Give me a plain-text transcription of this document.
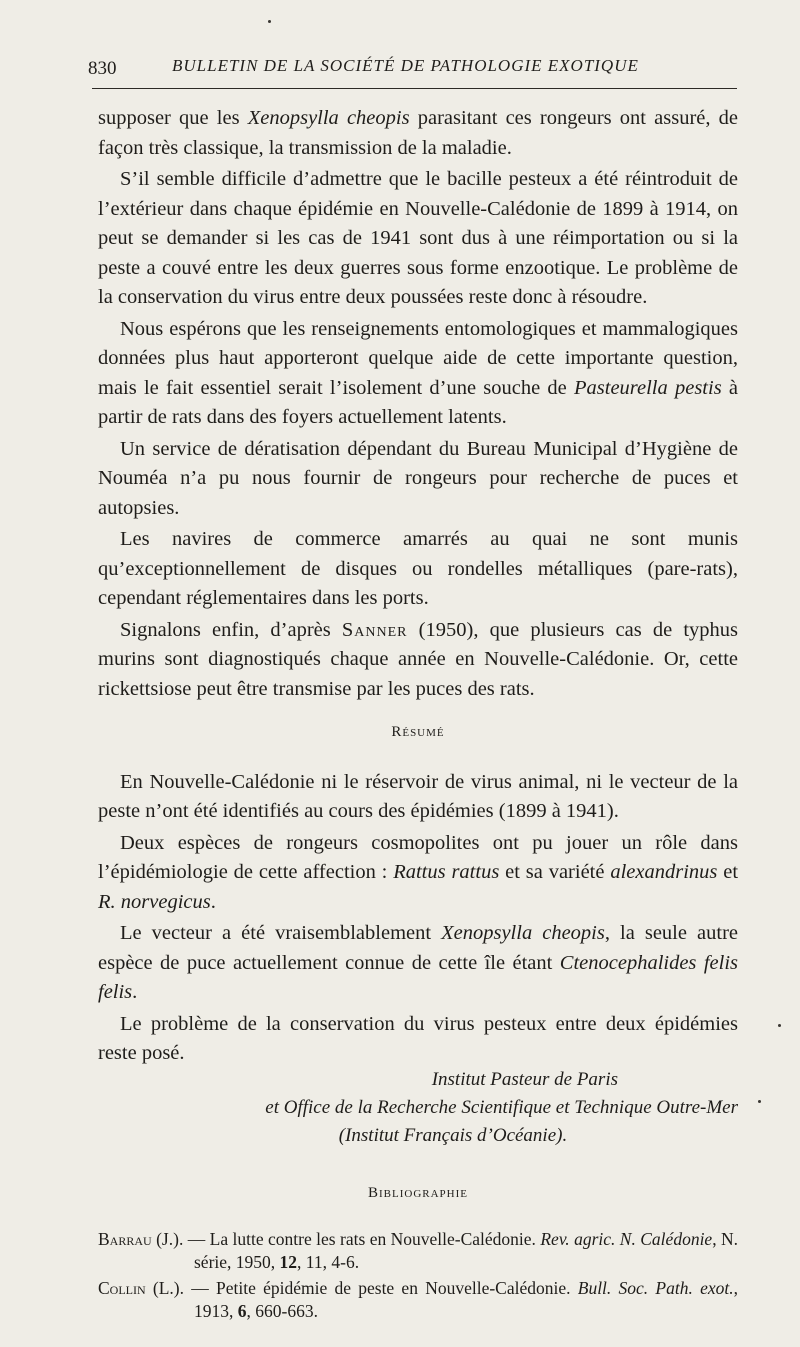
830	BULLETIN DE LA SOCIÉTÉ DE PATHOLOGIE EXOTIQUE

supposer que les Xenopsylla cheopis parasitant ces rongeurs ont assuré, de façon très classique, la transmission de la maladie.

S’il semble difficile d’admettre que le bacille pesteux a été réintroduit de l’extérieur dans chaque épidémie en Nouvelle-Calédonie de 1899 à 1914, on peut se demander si les cas de 1941 sont dus à une réimportation ou si la peste a couvé entre les deux guerres sous forme enzootique. Le problème de la conservation du virus entre deux poussées reste donc à résoudre.

Nous espérons que les renseignements entomologiques et mammalogiques données plus haut apporteront quelque aide de cette importante question, mais le fait essentiel serait l’isolement d’une souche de Pasteurella pestis à partir de rats dans des foyers actuellement latents.

Un service de dératisation dépendant du Bureau Municipal d’Hygiène de Nouméa n’a pu nous fournir de rongeurs pour recherche de puces et autopsies.

Les navires de commerce amarrés au quai ne sont munis qu’exceptionnellement de disques ou rondelles métalliques (pare-rats), cependant réglementaires dans les ports.

Signalons enfin, d’après Sanner (1950), que plusieurs cas de typhus murins sont diagnostiqués chaque année en Nouvelle-Calédonie. Or, cette rickettsiose peut être transmise par les puces des rats.

Résumé

En Nouvelle-Calédonie ni le réservoir de virus animal, ni le vecteur de la peste n’ont été identifiés au cours des épidémies (1899 à 1941).

Deux espèces de rongeurs cosmopolites ont pu jouer un rôle dans l’épidémiologie de cette affection : Rattus rattus et sa variété alexandrinus et R. norvegicus.

Le vecteur a été vraisemblablement Xenopsylla cheopis, la seule autre espèce de puce actuellement connue de cette île étant Ctenocephalides felis felis.

Le problème de la conservation du virus pesteux entre deux épidémies reste posé.

Institut Pasteur de Paris

et Office de la Recherche Scientifique et Technique Outre-Mer

(Institut Français d’Océanie).

Bibliographie

Barrau (J.). — La lutte contre les rats en Nouvelle-Calédonie. Rev. agric. N. Calédonie, N. série, 1950, 12, 11, 4-6.

Collin (L.). — Petite épidémie de peste en Nouvelle-Calédonie. Bull. Soc. Path. exot., 1913, 6, 660-663.
